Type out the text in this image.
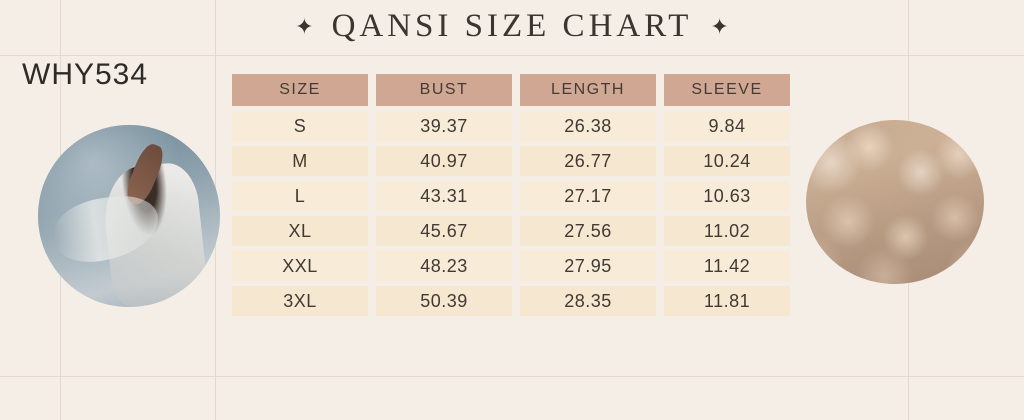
✦ QANSI SIZE CHART ✦
WHY534	SIZE	BUST	LENGTH	SLEEVE
S	39.37	26.38	9.84
M	40.97	26.77	10.24
L	43.31	27.17	10.63
XL	45.67	27.56	11.02
XXL	48.23	27.95	11.42
3XL	50.39	28.35	11.81
